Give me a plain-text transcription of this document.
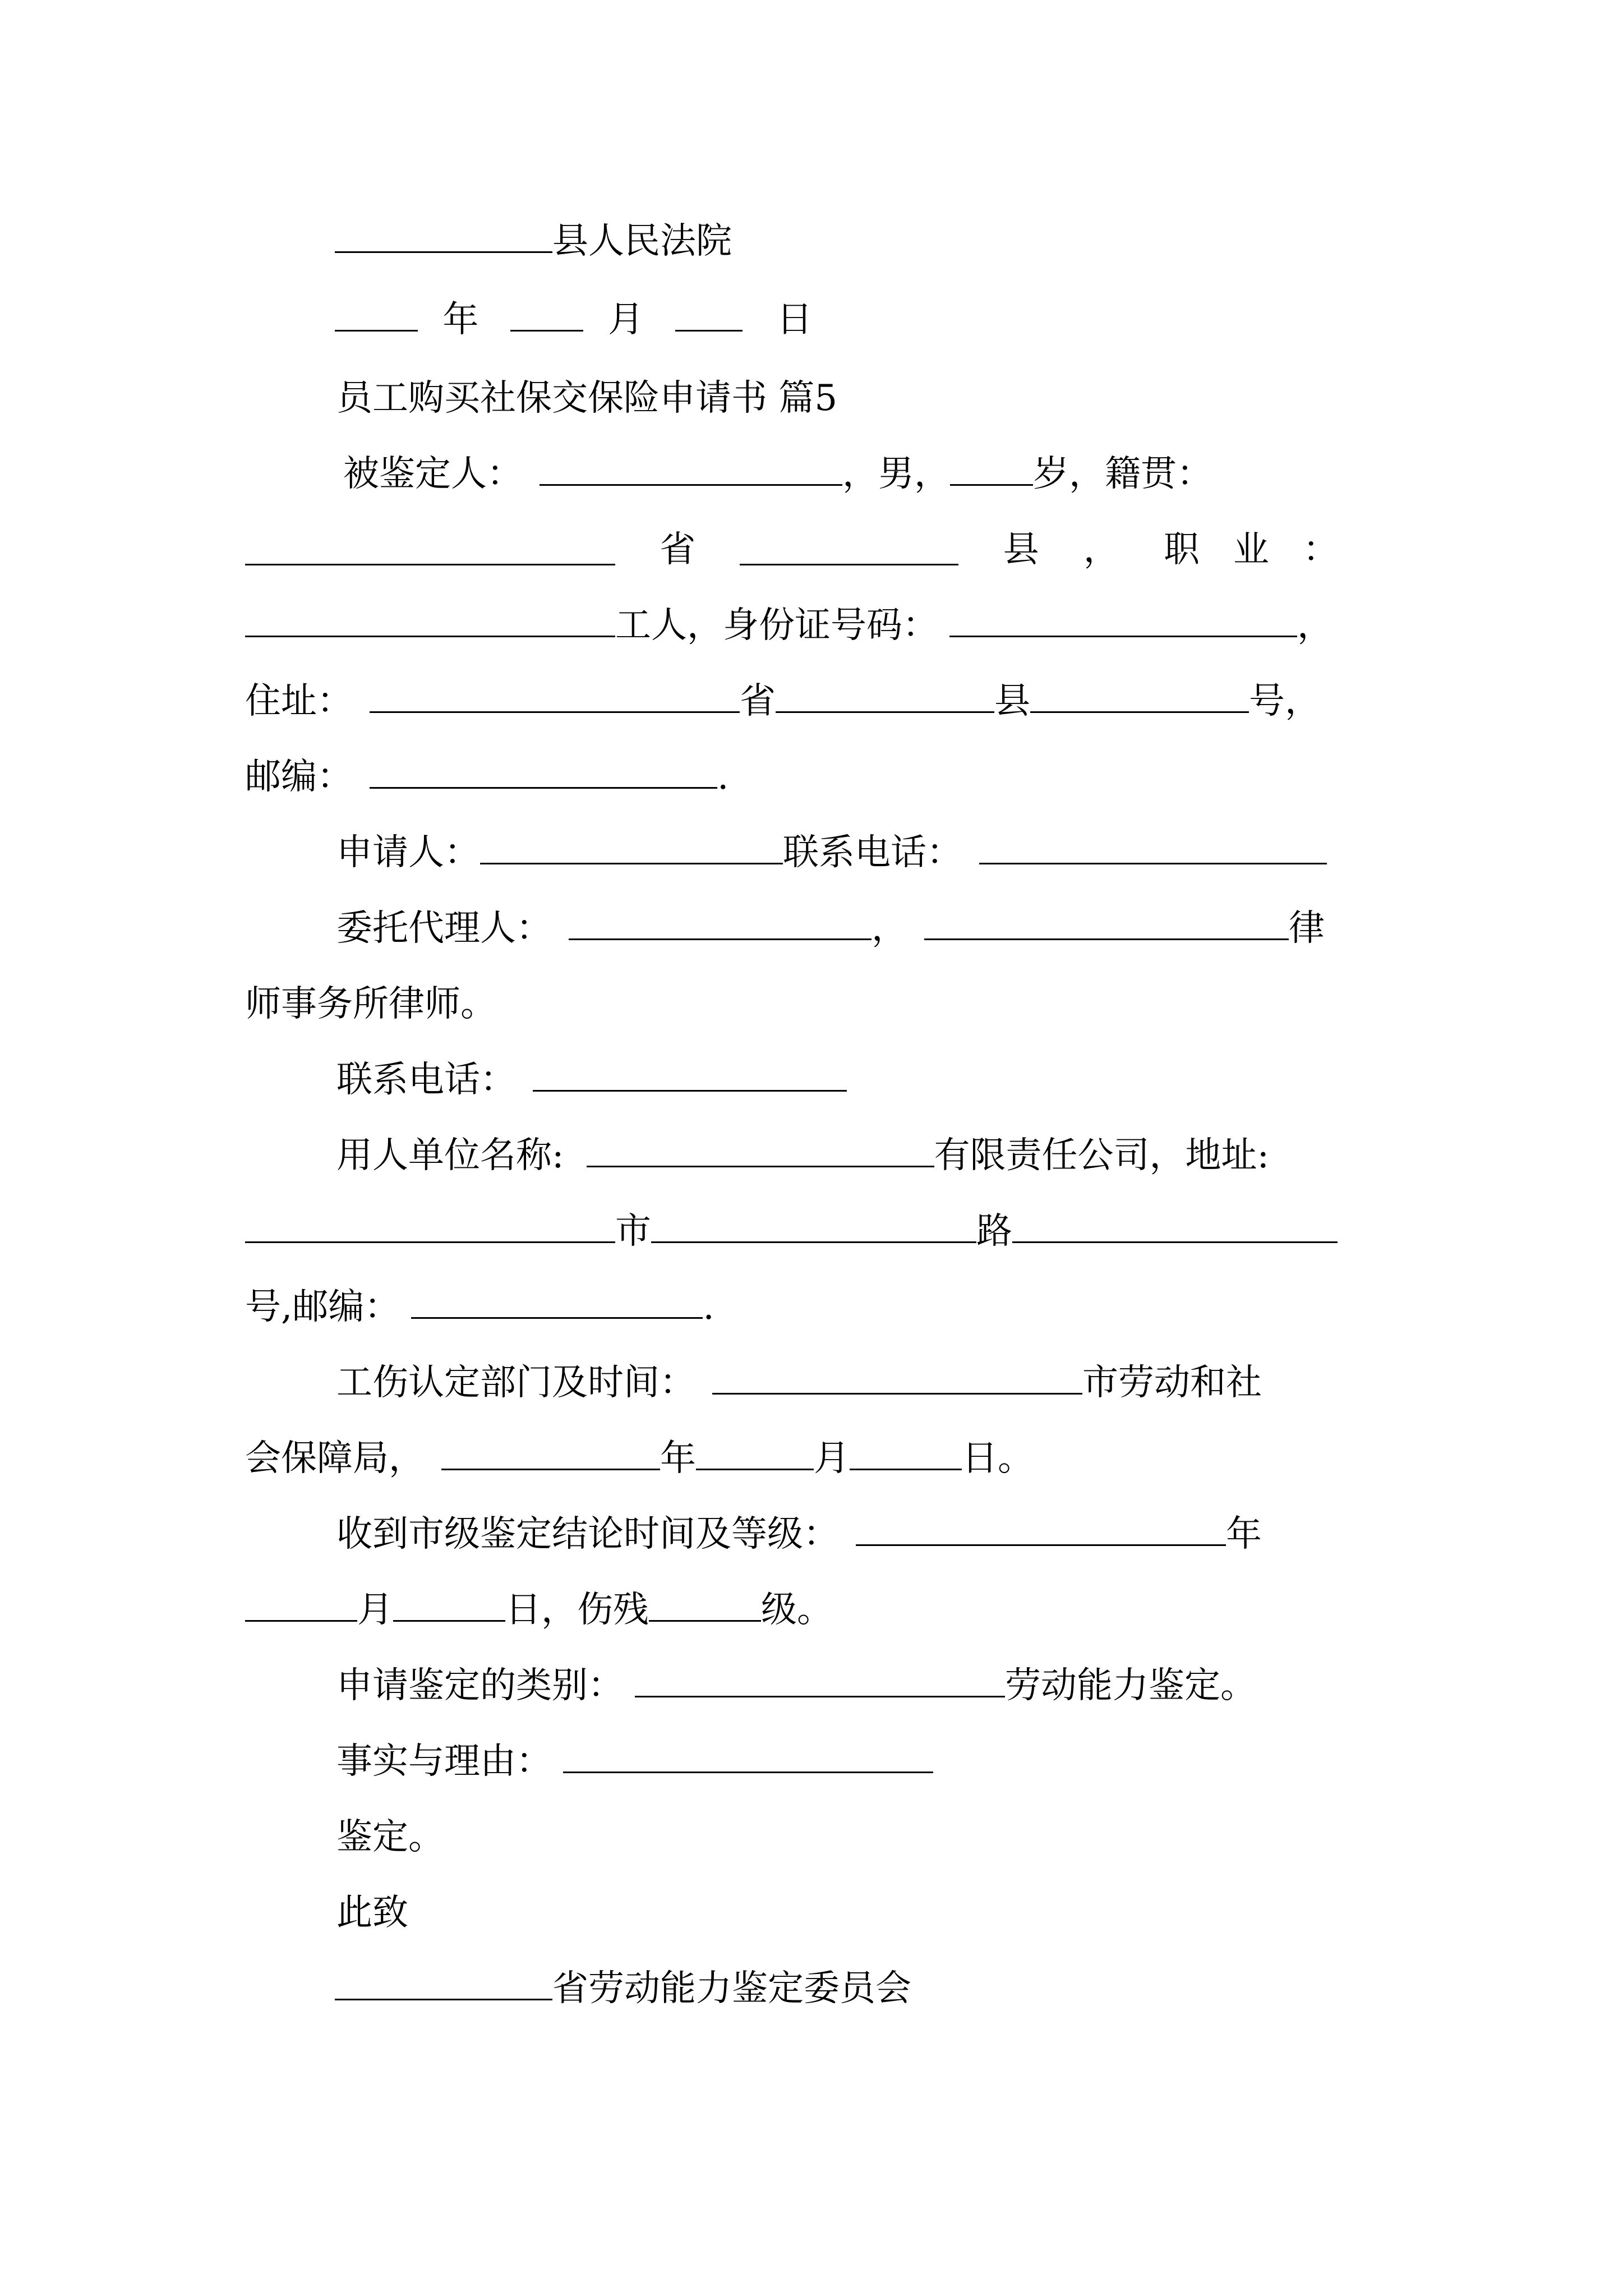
县人民法院
年	月	日
员工购买社保交保险申请书 篇5
被鉴定人：	，男， 岁，籍贯：
省	县 ， 职业：
工人，身份证号码：	，
住址：	省	县	号，
邮编：	.
申请人：	联系电话：
委托代理人：	，	律
师事务所律师。
联系电话：
用人单位名称:	有限责任公司，地址:
市	路
号,邮编：	.
工伤认定部门及时间：	市劳动和社
会保障局，	年	月	日。
收到市级鉴定结论时间及等级：	年
月	日，伤残	级。
申请鉴定的类别：	劳动能力鉴定。
事实与理由：
鉴定。
此致
省劳动能力鉴定委员会
